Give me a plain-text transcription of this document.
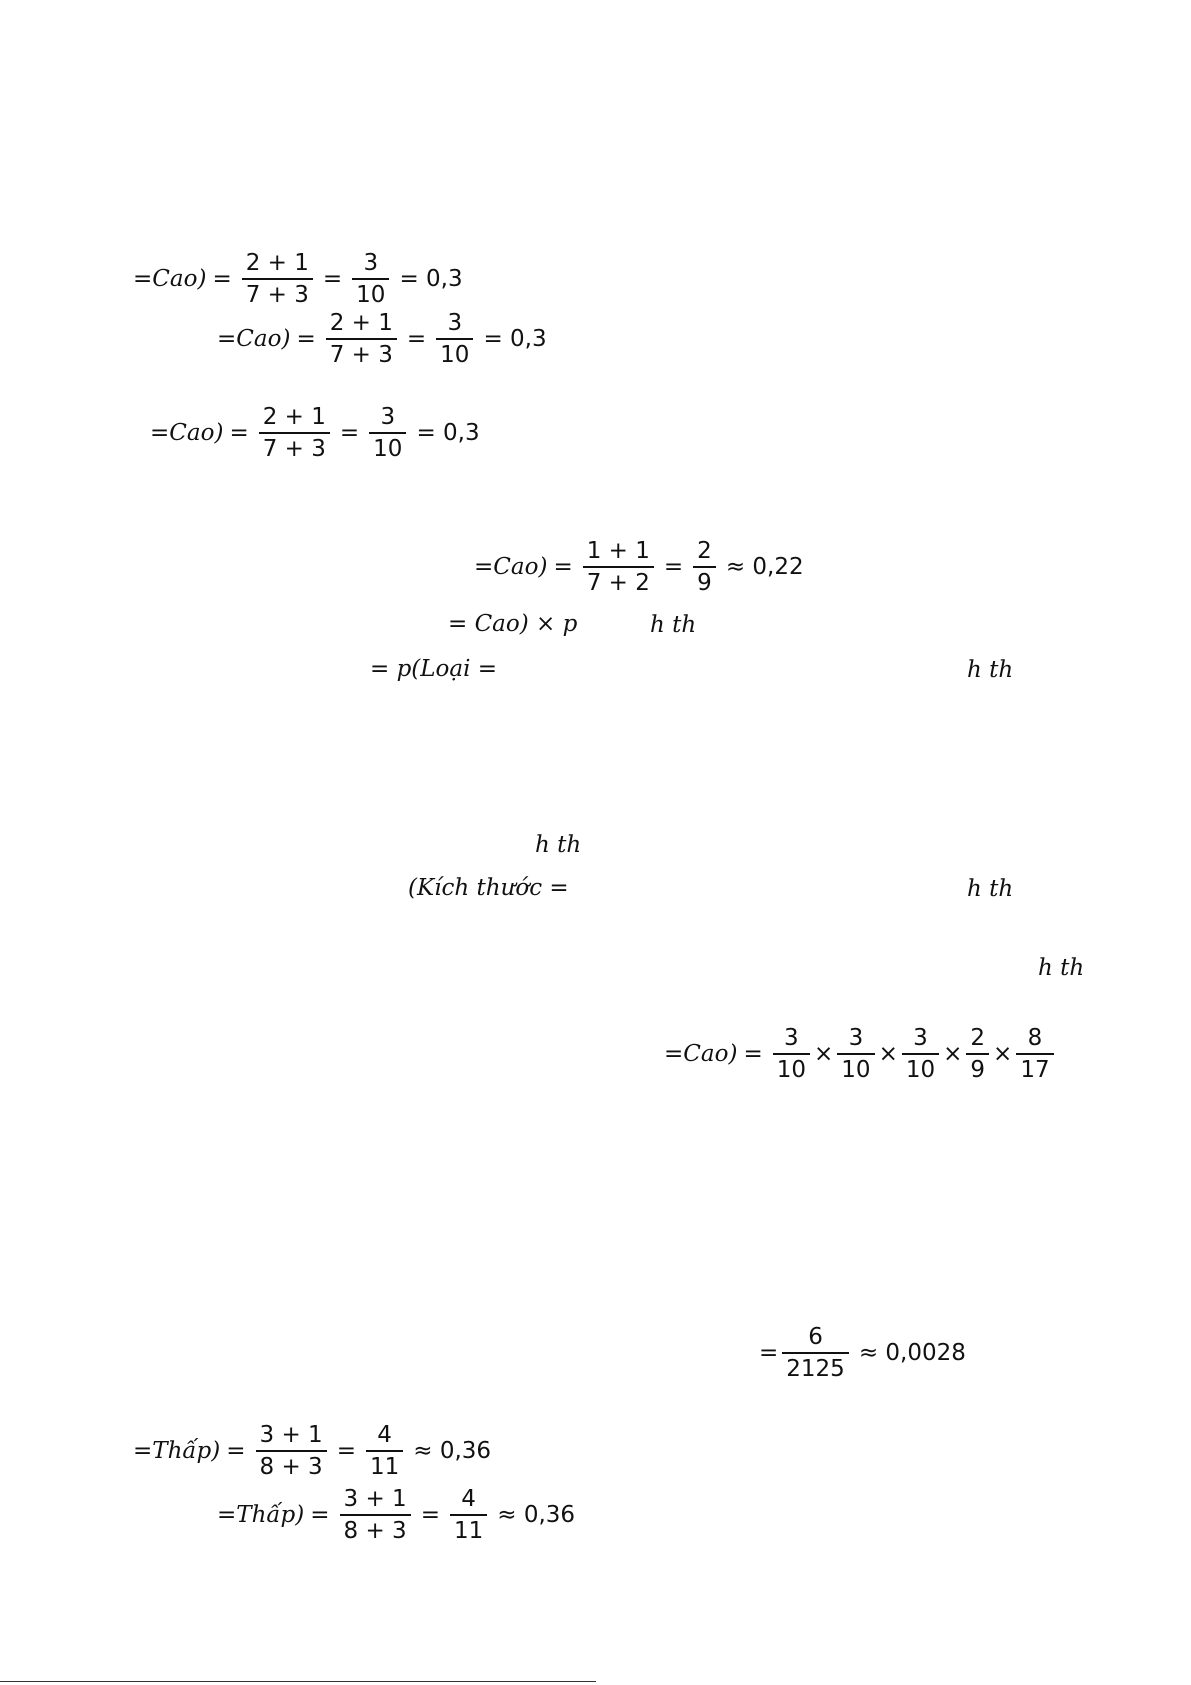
= Cao ) = $\frac{2 + 1}{7 + 3} = \frac{3}{10} = 0,3$
= Cao ) = $\frac{2 + 1}{7 + 3} = \frac{3}{10} = 0,3$
= Cao ) = $\frac{2 + 1}{7 + 3} = \frac{3}{10} = 0,3$
= Cao ) = $\frac{1 + 1}{7 + 2} = \frac{2}{9} \approx 0,22$
= Cao) × p	h th
= p(Loại =	h th
h th
(Kích thước =	h th
h th
= Cao ) = $\frac{3}{10} \times \frac{3}{10} \times \frac{3}{10} \times \frac{2}{9} \times \frac{8}{17}$
= $\frac{6}{2125} \approx 0,0028$
= Thấp ) = $\frac{3 + 1}{8 + 3} = \frac{4}{11} \approx 0,36$
= Thấp ) = $\frac{3 + 1}{8 + 3} = \frac{4}{11} \approx 0,36$
